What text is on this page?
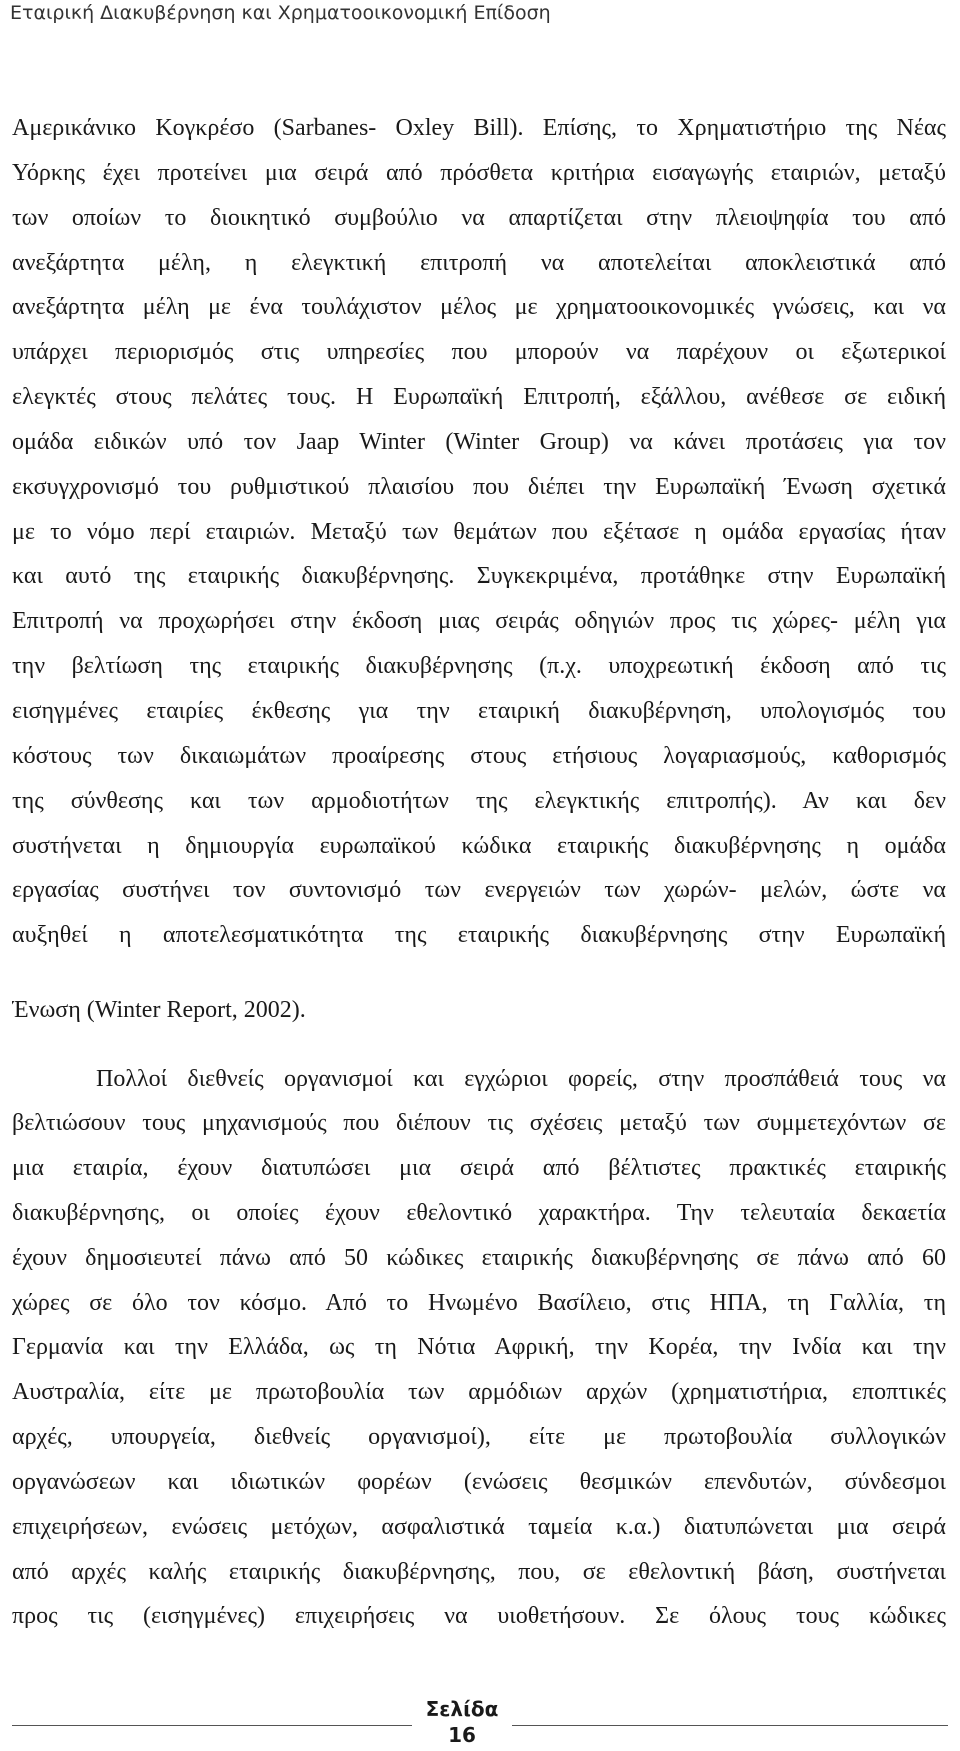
Εταιρική Διακυβέρνηση και Χρηματοοικονομική Επίδοση
Αμερικάνικο Κογκρέσο (Sarbanes- Oxley Bill). Επίσης, το Χρηματιστήριο της Νέας
Υόρκης έχει προτείνει μια σειρά από πρόσθετα κριτήρια εισαγωγής εταιριών, μεταξύ
των οποίων το διοικητικό συμβούλιο να απαρτίζεται στην πλειοψηφία του από
ανεξάρτητα μέλη, η ελεγκτική επιτροπή να αποτελείται αποκλειστικά από
ανεξάρτητα μέλη με ένα τουλάχιστον μέλος με χρηματοοικονομικές γνώσεις, και να
υπάρχει περιορισμός στις υπηρεσίες που μπορούν να παρέχουν οι εξωτερικοί
ελεγκτές στους πελάτες τους. Η Ευρωπαϊκή Επιτροπή, εξάλλου, ανέθεσε σε ειδική
ομάδα ειδικών υπό τον Jaap Winter (Winter Group) να κάνει προτάσεις για τον
εκσυγχρονισμό του ρυθμιστικού πλαισίου που διέπει την Ευρωπαϊκή Ένωση σχετικά
με το νόμο περί εταιριών. Μεταξύ των θεμάτων που εξέτασε η ομάδα εργασίας ήταν
και αυτό της εταιρικής διακυβέρνησης. Συγκεκριμένα, προτάθηκε στην Ευρωπαϊκή
Επιτροπή να προχωρήσει στην έκδοση μιας σειράς οδηγιών προς τις χώρες- μέλη για
την βελτίωση της εταιρικής διακυβέρνησης (π.χ. υποχρεωτική έκδοση από τις
εισηγμένες εταιρίες έκθεσης για την εταιρική διακυβέρνηση, υπολογισμός του
κόστους των δικαιωμάτων προαίρεσης στους ετήσιους λογαριασμούς, καθορισμός
της σύνθεσης και των αρμοδιοτήτων της ελεγκτικής επιτροπής). Αν και δεν
συστήνεται η δημιουργία ευρωπαϊκού κώδικα εταιρικής διακυβέρνησης η ομάδα
εργασίας συστήνει τον συντονισμό των ενεργειών των χωρών- μελών, ώστε να
αυξηθεί η αποτελεσματικότητα της εταιρικής διακυβέρνησης στην Ευρωπαϊκή
Ένωση (Winter Report, 2002).
Πολλοί διεθνείς οργανισμοί και εγχώριοι φορείς, στην προσπάθειά τους να
βελτιώσουν τους μηχανισμούς που διέπουν τις σχέσεις μεταξύ των συμμετεχόντων σε
μια εταιρία, έχουν διατυπώσει μια σειρά από βέλτιστες πρακτικές εταιρικής
διακυβέρνησης, οι οποίες έχουν εθελοντικό χαρακτήρα. Την τελευταία δεκαετία
έχουν δημοσιευτεί πάνω από 50 κώδικες εταιρικής διακυβέρνησης σε πάνω από 60
χώρες σε όλο τον κόσμο. Από το Ηνωμένο Βασίλειο, στις ΗΠΑ, τη Γαλλία, τη
Γερμανία και την Ελλάδα, ως τη Νότια Αφρική, την Κορέα, την Ινδία και την
Αυστραλία, είτε με πρωτοβουλία των αρμόδιων αρχών (χρηματιστήρια, εποπτικές
αρχές, υπουργεία, διεθνείς οργανισμοί), είτε με πρωτοβουλία συλλογικών
οργανώσεων και ιδιωτικών φορέων (ενώσεις θεσμικών επενδυτών, σύνδεσμοι
επιχειρήσεων, ενώσεις μετόχων, ασφαλιστικά ταμεία κ.α.) διατυπώνεται μια σειρά
από αρχές καλής εταιρικής διακυβέρνησης, που, σε εθελοντική βάση, συστήνεται
προς τις (εισηγμένες) επιχειρήσεις να υιοθετήσουν. Σε όλους τους κώδικες
Σελίδα
16
